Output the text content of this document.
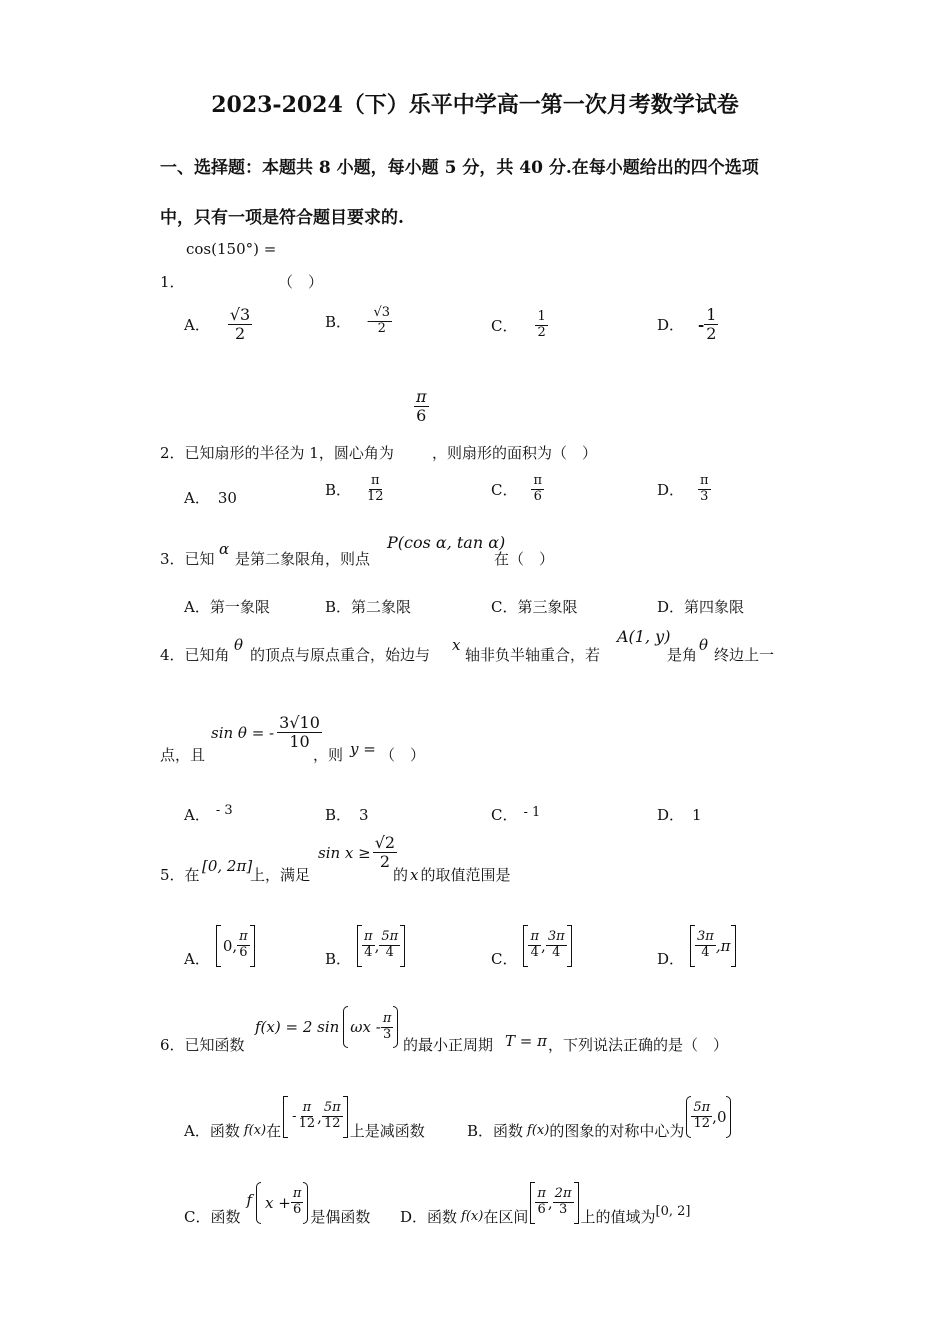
2023-2024（下）乐平中学高一第一次月考数学试卷
一、选择题：本题共 8 小题，每小题 5 分，共 40 分.在每小题给出的四个选项
中，只有一项是符合题目要求的.
cos(150°) =
1．	（　）
A． $\frac{√3}{2}$	B． - $\frac{√3}{2}$	C． $\frac{1}{2}$	D． - $\frac{1}{2}$
$\frac{\pi}{6}$
2．已知扇形的半径为 1，圆心角为	，则扇形的面积为（　）
A． 30	B． $\frac{\pi}{12}$	C． $\frac{\pi}{6}$	D． $\frac{\pi}{3}$
3．已知
α
是第二象限角，则点
P(cos α, tan α)
在（　）
A．第一象限	B．第二象限	C．第三象限	D．第四象限
4．已知角
θ
的顶点与原点重合，始边与
x
轴非负半轴重合，若
A(1, y)
是角
θ
终边上一
点，且
sin θ = - $\frac{3√10}{10}$
，则 y = （　）
A． - 3	B． 3	C． - 1	D． 1
5．在 [0, 2π]
上，满足
$\sin x \ge \frac{√2}{2}$
的 x 的取值范围是
A．
0, $\frac{\pi}{6}$	B． $\frac{\pi}{4}$ , $\frac{5\pi}{4}$	C． $\frac{\pi}{4}$ , $\frac{3\pi}{4}$	D． $\frac{3\pi}{4} ,\pi$
6．已知函数
f(x) = 2 sin ωx - $\frac{\pi}{3}$
的最小正周期 T = π ，下列说法正确的是（　）
A．函数 f(x) 在
- $\frac{\pi}{12}$ , $\frac{5\pi}{12}$ 上是减函数	B．函数 f(x) 的图象的对称中心为 $\frac{5\pi}{12} ,0$
C．函数
f $x + \frac{\pi}{6}$ 是偶函数 D．函数 f(x) 在区间 $\frac{\pi}{6}$ , $\frac{2\pi}{3}$ 上的值域为 [0, 2]
